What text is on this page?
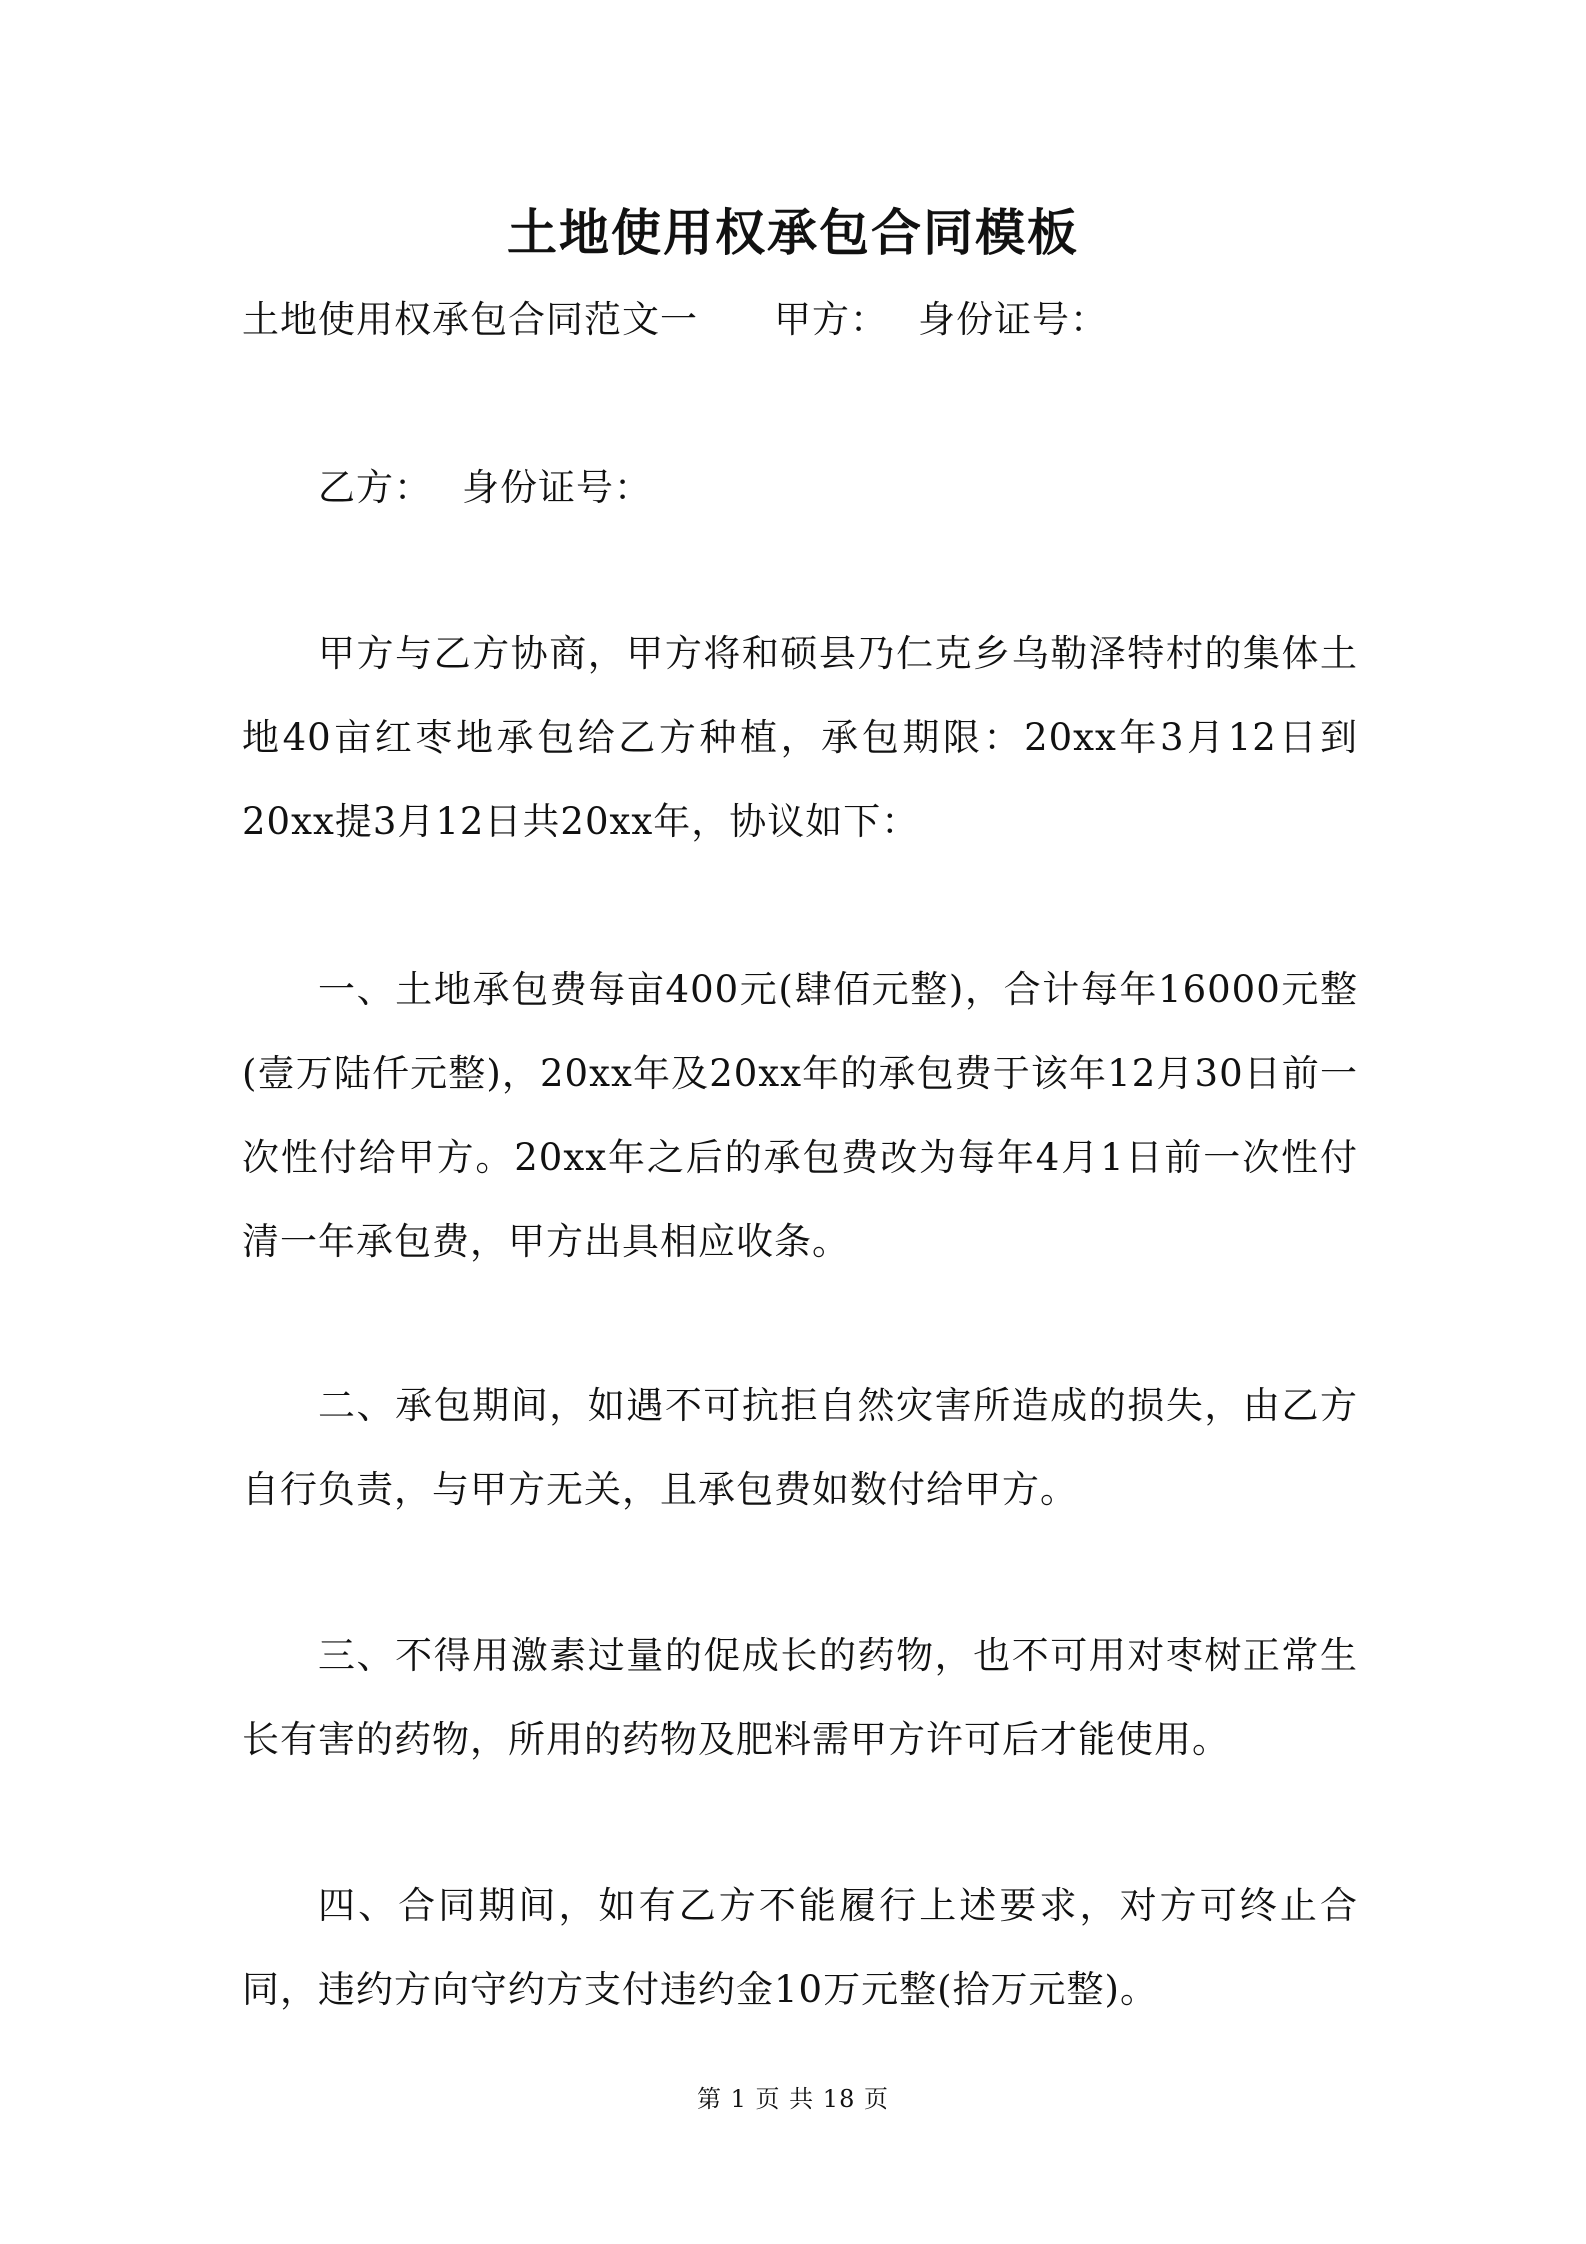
土地使用权承包合同模板
土地使用权承包合同范文一 甲方： 身份证号：
乙方： 身份证号：
甲方与乙方协商，甲方将和硕县乃仁克乡乌勒泽特村的集体土地40亩红枣地承包给乙方种植，承包期限：20xx年3月12日到20xx提3月12日共20xx年，协议如下：
一、土地承包费每亩400元(肆佰元整)，合计每年16000元整(壹万陆仟元整)，20xx年及20xx年的承包费于该年12月30日前一次性付给甲方。20xx年之后的承包费改为每年4月1日前一次性付清一年承包费，甲方出具相应收条。
二、承包期间，如遇不可抗拒自然灾害所造成的损失，由乙方自行负责，与甲方无关，且承包费如数付给甲方。
三、不得用激素过量的促成长的药物，也不可用对枣树正常生长有害的药物，所用的药物及肥料需甲方许可后才能使用。
四、合同期间，如有乙方不能履行上述要求，对方可终止合同，违约方向守约方支付违约金10万元整(拾万元整)。
第 1 页 共 18 页
